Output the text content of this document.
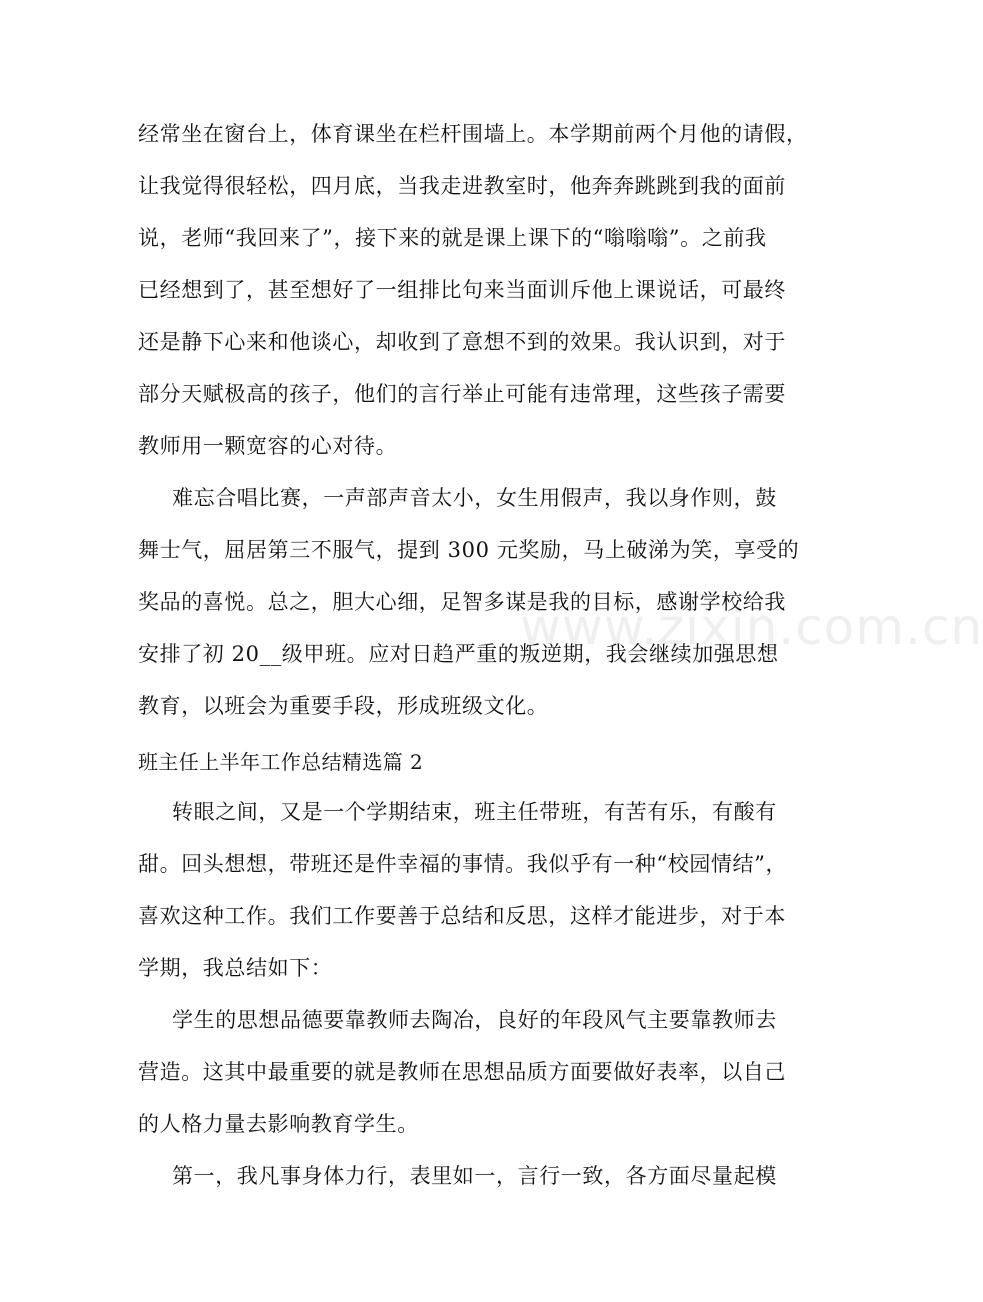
经常坐在窗台上，体育课坐在栏杆围墙上。本学期前两个月他的请假，
让我觉得很轻松，四月底，当我走进教室时，他奔奔跳跳到我的面前
说，老师“我回来了”，接下来的就是课上课下的“嗡嗡嗡”。之前我
已经想到了，甚至想好了一组排比句来当面训斥他上课说话，可最终
还是静下心来和他谈心，却收到了意想不到的效果。我认识到，对于
部分天赋极高的孩子，他们的言行举止可能有违常理，这些孩子需要
教师用一颗宽容的心对待。
难忘合唱比赛，一声部声音太小，女生用假声，我以身作则，鼓
舞士气，屈居第三不服气，提到 300 元奖励，马上破涕为笑，享受的
奖品的喜悦。总之，胆大心细，足智多谋是我的目标，感谢学校给我
安排了初 20__级甲班。应对日趋严重的叛逆期，我会继续加强思想
教育，以班会为重要手段，形成班级文化。
班主任上半年工作总结精选篇 2
转眼之间，又是一个学期结束，班主任带班，有苦有乐，有酸有
甜。回头想想，带班还是件幸福的事情。我似乎有一种“校园情结”，
喜欢这种工作。我们工作要善于总结和反思，这样才能进步，对于本
学期，我总结如下：
学生的思想品德要靠教师去陶冶，良好的年段风气主要靠教师去
营造。这其中最重要的就是教师在思想品质方面要做好表率，以自己
的人格力量去影响教育学生。
第一，我凡事身体力行，表里如一，言行一致，各方面尽量起模
www.zixin.com.cn
